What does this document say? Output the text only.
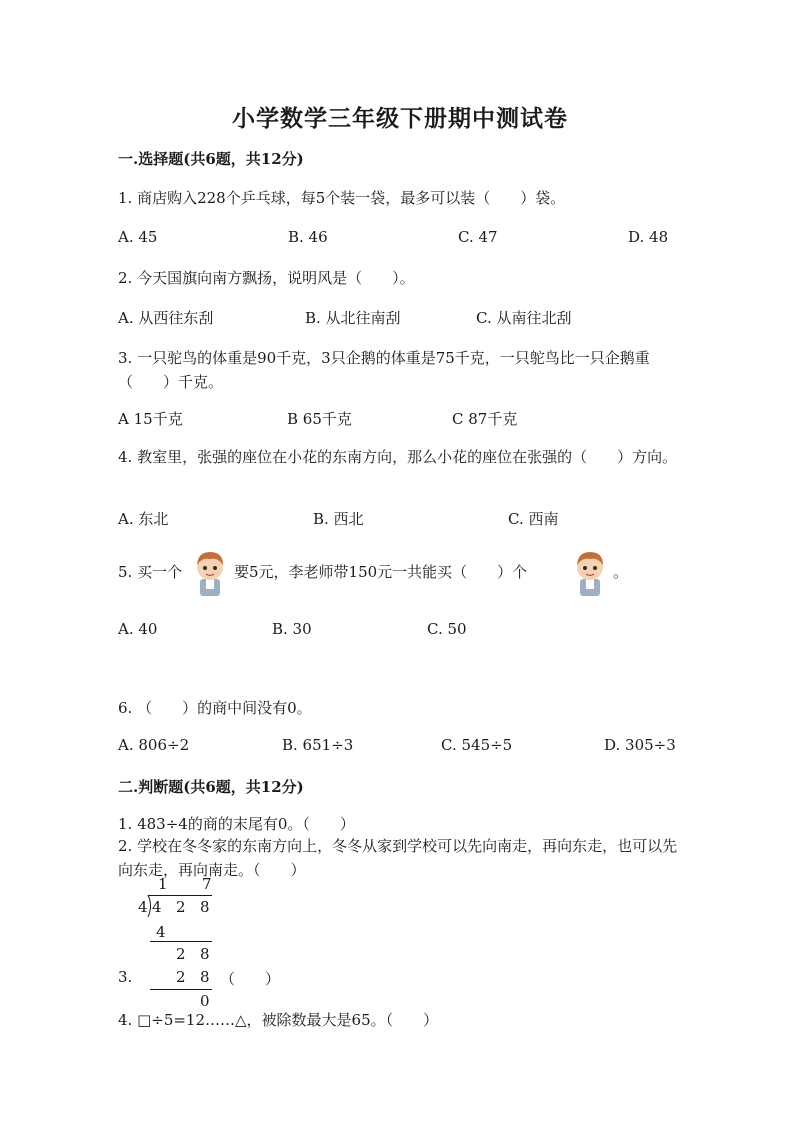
小学数学三年级下册期中测试卷
一.选择题(共6题，共12分)
1. 商店购入228个乒乓球，每5个装一袋，最多可以装（　　）袋。
A. 45	B. 46	C. 47	D. 48
2. 今天国旗向南方飘扬，说明风是（　　）。
A. 从西往东刮	B. 从北往南刮	C. 从南往北刮
3. 一只驼鸟的体重是90千克，3只企鹅的体重是75千克，一只鸵鸟比一只企鹅重（　　）千克。
A 15千克	B 65千克	C 87千克
4. 教室里，张强的座位在小花的东南方向，那么小花的座位在张强的（　　）方向。
A. 东北	B. 西北	C. 西南
5. 买一个	要5元，李老师带150元一共能买（　　）个	。
A. 40	B. 30	C. 50
6. （　　）的商中间没有0。
A. 806÷2	B. 651÷3	C. 545÷5	D. 305÷3
二.判断题(共6题，共12分)
1. 483÷4的商的末尾有0。（　　）
2. 学校在冬冬家的东南方向上，冬冬从家到学校可以先向南走，再向东走，也可以先向东走，再向南走。（　　）
1 7
4 4 2 8
4
2 8
2 8
0
3.	（　　）
4. □÷5=12……△，被除数最大是65。（　　）
